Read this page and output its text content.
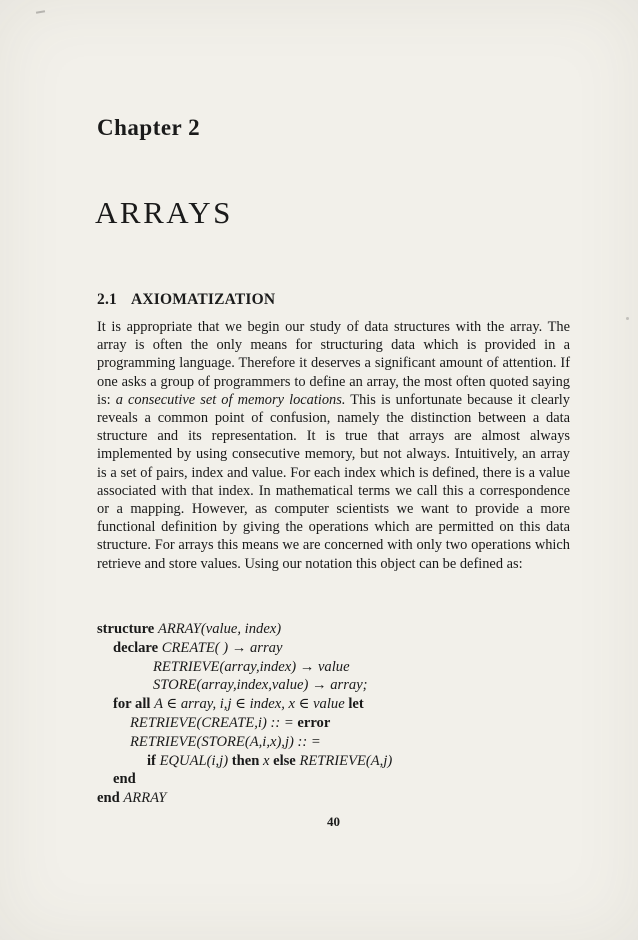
Chapter 2
ARRAYS
2.1 AXIOMATIZATION

It is appropriate that we begin our study of data structures with the array. The array is often the only means for structuring data which is provided in a programming language. Therefore it deserves a significant amount of attention. If one asks a group of programmers to define an array, the most often quoted saying is: a consecutive set of memory locations. This is unfortunate because it clearly reveals a common point of confusion, namely the distinction between a data structure and its representation. It is true that arrays are almost always implemented by using consecutive memory, but not always. Intuitively, an array is a set of pairs, index and value. For each index which is defined, there is a value associated with that index. In mathematical terms we call this a correspondence or a mapping. However, as computer scientists we want to provide a more functional definition by giving the operations which are permitted on this data structure. For arrays this means we are concerned with only two operations which retrieve and store values. Using our notation this object can be defined as:

structure ARRAY(value, index)
declare CREATE( ) → array
RETRIEVE(array,index) → value
STORE(array,index,value) → array;
for all A ∈ array, i,j ∈ index, x ∈ value let
RETRIEVE(CREATE,i) :: = error
RETRIEVE(STORE(A,i,x),j) :: =
if EQUAL(i,j) then x else RETRIEVE(A,j)
end
end ARRAY
40
